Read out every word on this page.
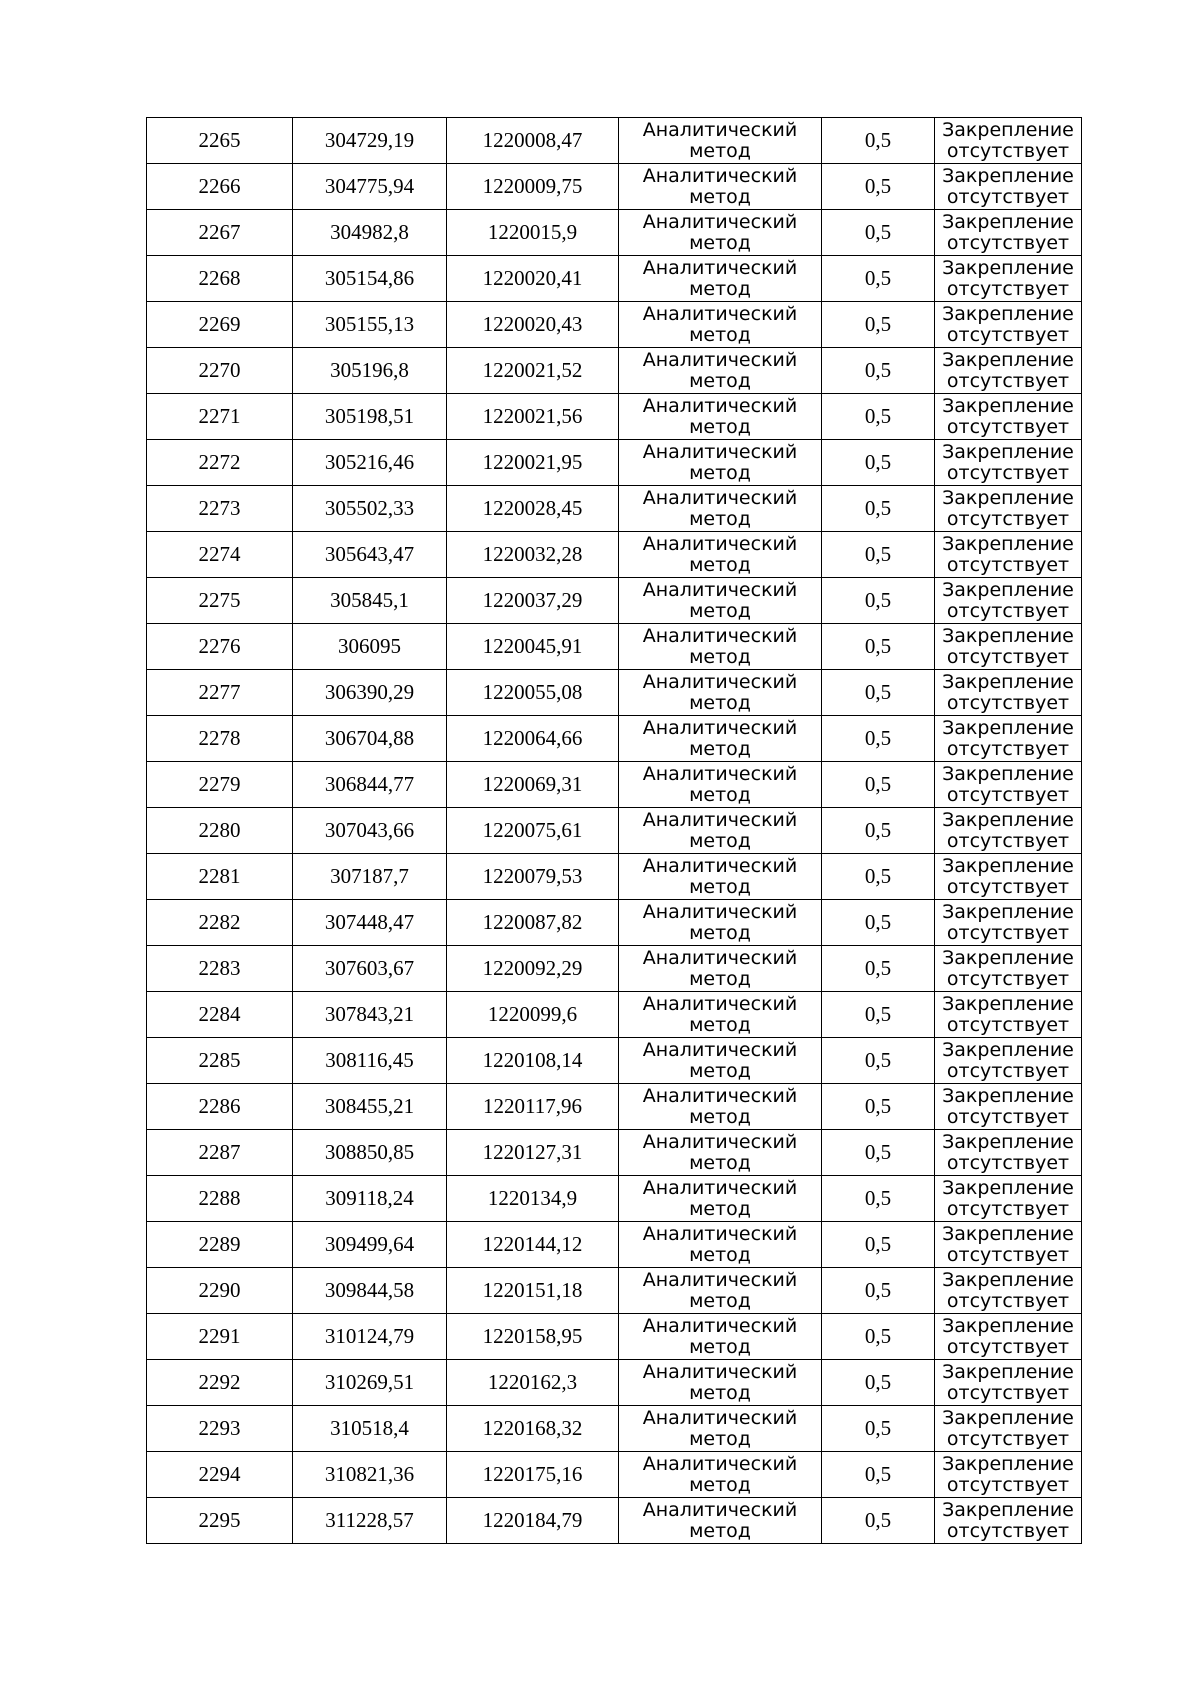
2265	304729,19	1220008,47	Аналитический
метод	0,5	Закрепление
отсутствует

2266	304775,94	1220009,75	Аналитический
метод	0,5	Закрепление
отсутствует

2267	304982,8	1220015,9	Аналитический
метод	0,5	Закрепление
отсутствует

2268	305154,86	1220020,41	Аналитический
метод	0,5	Закрепление
отсутствует

2269	305155,13	1220020,43	Аналитический
метод	0,5	Закрепление
отсутствует

2270	305196,8	1220021,52	Аналитический
метод	0,5	Закрепление
отсутствует

2271	305198,51	1220021,56	Аналитический
метод	0,5	Закрепление
отсутствует

2272	305216,46	1220021,95	Аналитический
метод	0,5	Закрепление
отсутствует

2273	305502,33	1220028,45	Аналитический
метод	0,5	Закрепление
отсутствует

2274	305643,47	1220032,28	Аналитический
метод	0,5	Закрепление
отсутствует

2275	305845,1	1220037,29	Аналитический
метод	0,5	Закрепление
отсутствует

2276	306095	1220045,91	Аналитический
метод	0,5	Закрепление
отсутствует

2277	306390,29	1220055,08	Аналитический
метод	0,5	Закрепление
отсутствует

2278	306704,88	1220064,66	Аналитический
метод	0,5	Закрепление
отсутствует

2279	306844,77	1220069,31	Аналитический
метод	0,5	Закрепление
отсутствует

2280	307043,66	1220075,61	Аналитический
метод	0,5	Закрепление
отсутствует

2281	307187,7	1220079,53	Аналитический
метод	0,5	Закрепление
отсутствует

2282	307448,47	1220087,82	Аналитический
метод	0,5	Закрепление
отсутствует

2283	307603,67	1220092,29	Аналитический
метод	0,5	Закрепление
отсутствует

2284	307843,21	1220099,6	Аналитический
метод	0,5	Закрепление
отсутствует

2285	308116,45	1220108,14	Аналитический
метод	0,5	Закрепление
отсутствует

2286	308455,21	1220117,96	Аналитический
метод	0,5	Закрепление
отсутствует

2287	308850,85	1220127,31	Аналитический
метод	0,5	Закрепление
отсутствует

2288	309118,24	1220134,9	Аналитический
метод	0,5	Закрепление
отсутствует

2289	309499,64	1220144,12	Аналитический
метод	0,5	Закрепление
отсутствует

2290	309844,58	1220151,18	Аналитический
метод	0,5	Закрепление
отсутствует

2291	310124,79	1220158,95	Аналитический
метод	0,5	Закрепление
отсутствует

2292	310269,51	1220162,3	Аналитический
метод	0,5	Закрепление
отсутствует

2293	310518,4	1220168,32	Аналитический
метод	0,5	Закрепление
отсутствует

2294	310821,36	1220175,16	Аналитический
метод	0,5	Закрепление
отсутствует

2295	311228,57	1220184,79	Аналитический
метод	0,5	Закрепление
отсутствует
